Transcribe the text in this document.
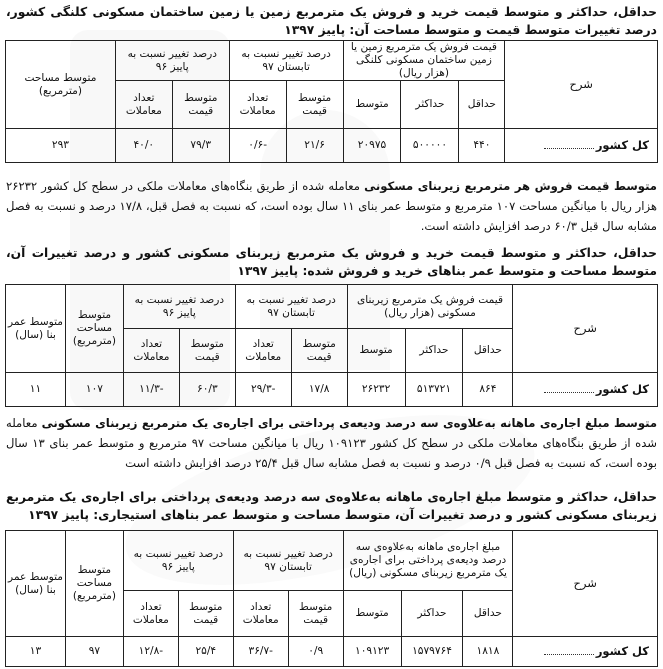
حداقل، حداکثر و متوسط قیمت خرید و فروش یک مترمربع زمین یا زمین ساختمان مسکونی کلنگی کشور، درصد تغییرات متوسط قیمت و متوسط مساحت آن: پاییز ۱۳۹۷
شرح	قیمت فروش یک مترمربع زمین یا زمین ساختمان مسکونی کلنگی (هزار ریال)			درصد تغییر نسبت به تابستان ۹۷		درصد تغییر نسبت به پاییز ۹۶		متوسط مساحت (مترمربع)
	حداقل	حداکثر	متوسط	متوسط قیمت	تعداد معاملات	متوسط قیمت	تعداد معاملات	
کل کشور	۴۴۰	۵۰۰۰۰۰	۲۰۹۷۵	۲۱/۶	-۰/۶	۷۹/۳	۴۰/۰	۲۹۳
متوسط قیمت فروش هر مترمربع زیربنای مسکونی معامله شده از طریق بنگاه‌های معاملات ملکی در سطح کل کشور ۲۶۲۳۲ هزار ریال با میانگین مساحت ۱۰۷ مترمربع و متوسط عمر بنای ۱۱ سال بوده است، که نسبت به فصل قبل، ۱۷/۸ درصد و نسبت به فصل مشابه سال قبل ۶۰/۳ درصد افزایش داشته است.
حداقل، حداکثر و متوسط قیمت خرید و فروش یک مترمربع زیربنای مسکونی کشور و درصد تغییرات آن، متوسط مساحت و متوسط عمر بناهای خرید و فروش شده: پاییز ۱۳۹۷
شرح	قیمت فروش یک مترمربع زیربنای مسکونی (هزار ریال)			درصد تغییر نسبت به تابستان ۹۷		درصد تغییر نسبت به پاییز ۹۶		متوسط مساحت (مترمربع)	متوسط عمر بنا (سال)
	حداقل	حداکثر	متوسط	متوسط قیمت	تعداد معاملات	متوسط قیمت	تعداد معاملات		
کل کشور	۸۶۴	۵۱۳۷۲۱	۲۶۲۳۲	۱۷/۸	-۲۹/۳	۶۰/۳	-۱۱/۳	۱۰۷	۱۱
متوسط مبلغ اجاره‌ی ماهانه به‌علاوه‌ی سه درصد ودیعه‌ی پرداختی برای اجاره‌ی یک مترمربع زیربنای مسکونی معامله شده از طریق بنگاه‌های معاملات ملکی در سطح کل کشور ۱۰۹۱۲۳ ریال با میانگین مساحت ۹۷ مترمربع و متوسط عمر بنای ۱۳ سال بوده است، که نسبت به فصل قبل ۰/۹ درصد و نسبت به فصل مشابه سال قبل ۲۵/۴ درصد افزایش داشته است
حداقل، حداکثر و متوسط مبلغ اجاره‌ی ماهانه به‌علاوه‌ی سه درصد ودیعه‌ی پرداختی برای اجاره‌ی یک مترمربع زیربنای مسکونی کشور و درصد تغییرات آن، متوسط مساحت و متوسط عمر بناهای استیجاری: پاییز ۱۳۹۷
شرح	مبلغ اجاره‌ی ماهانه به‌علاوه‌ی سه درصد ودیعه‌ی پرداختی برای اجاره‌ی یک مترمربع زیربنای مسکونی (ریال)			درصد تغییر نسبت به تابستان ۹۷		درصد تغییر نسبت به پاییز ۹۶		متوسط مساحت (مترمربع)	متوسط عمر بنا (سال)
	حداقل	حداکثر	متوسط	متوسط قیمت	تعداد معاملات	متوسط قیمت	تعداد معاملات		
کل کشور	۱۸۱۸	۱۵۷۹۷۶۴	۱۰۹۱۲۳	۰/۹	-۳۶/۷	۲۵/۴	-۱۲/۸	۹۷	۱۳
